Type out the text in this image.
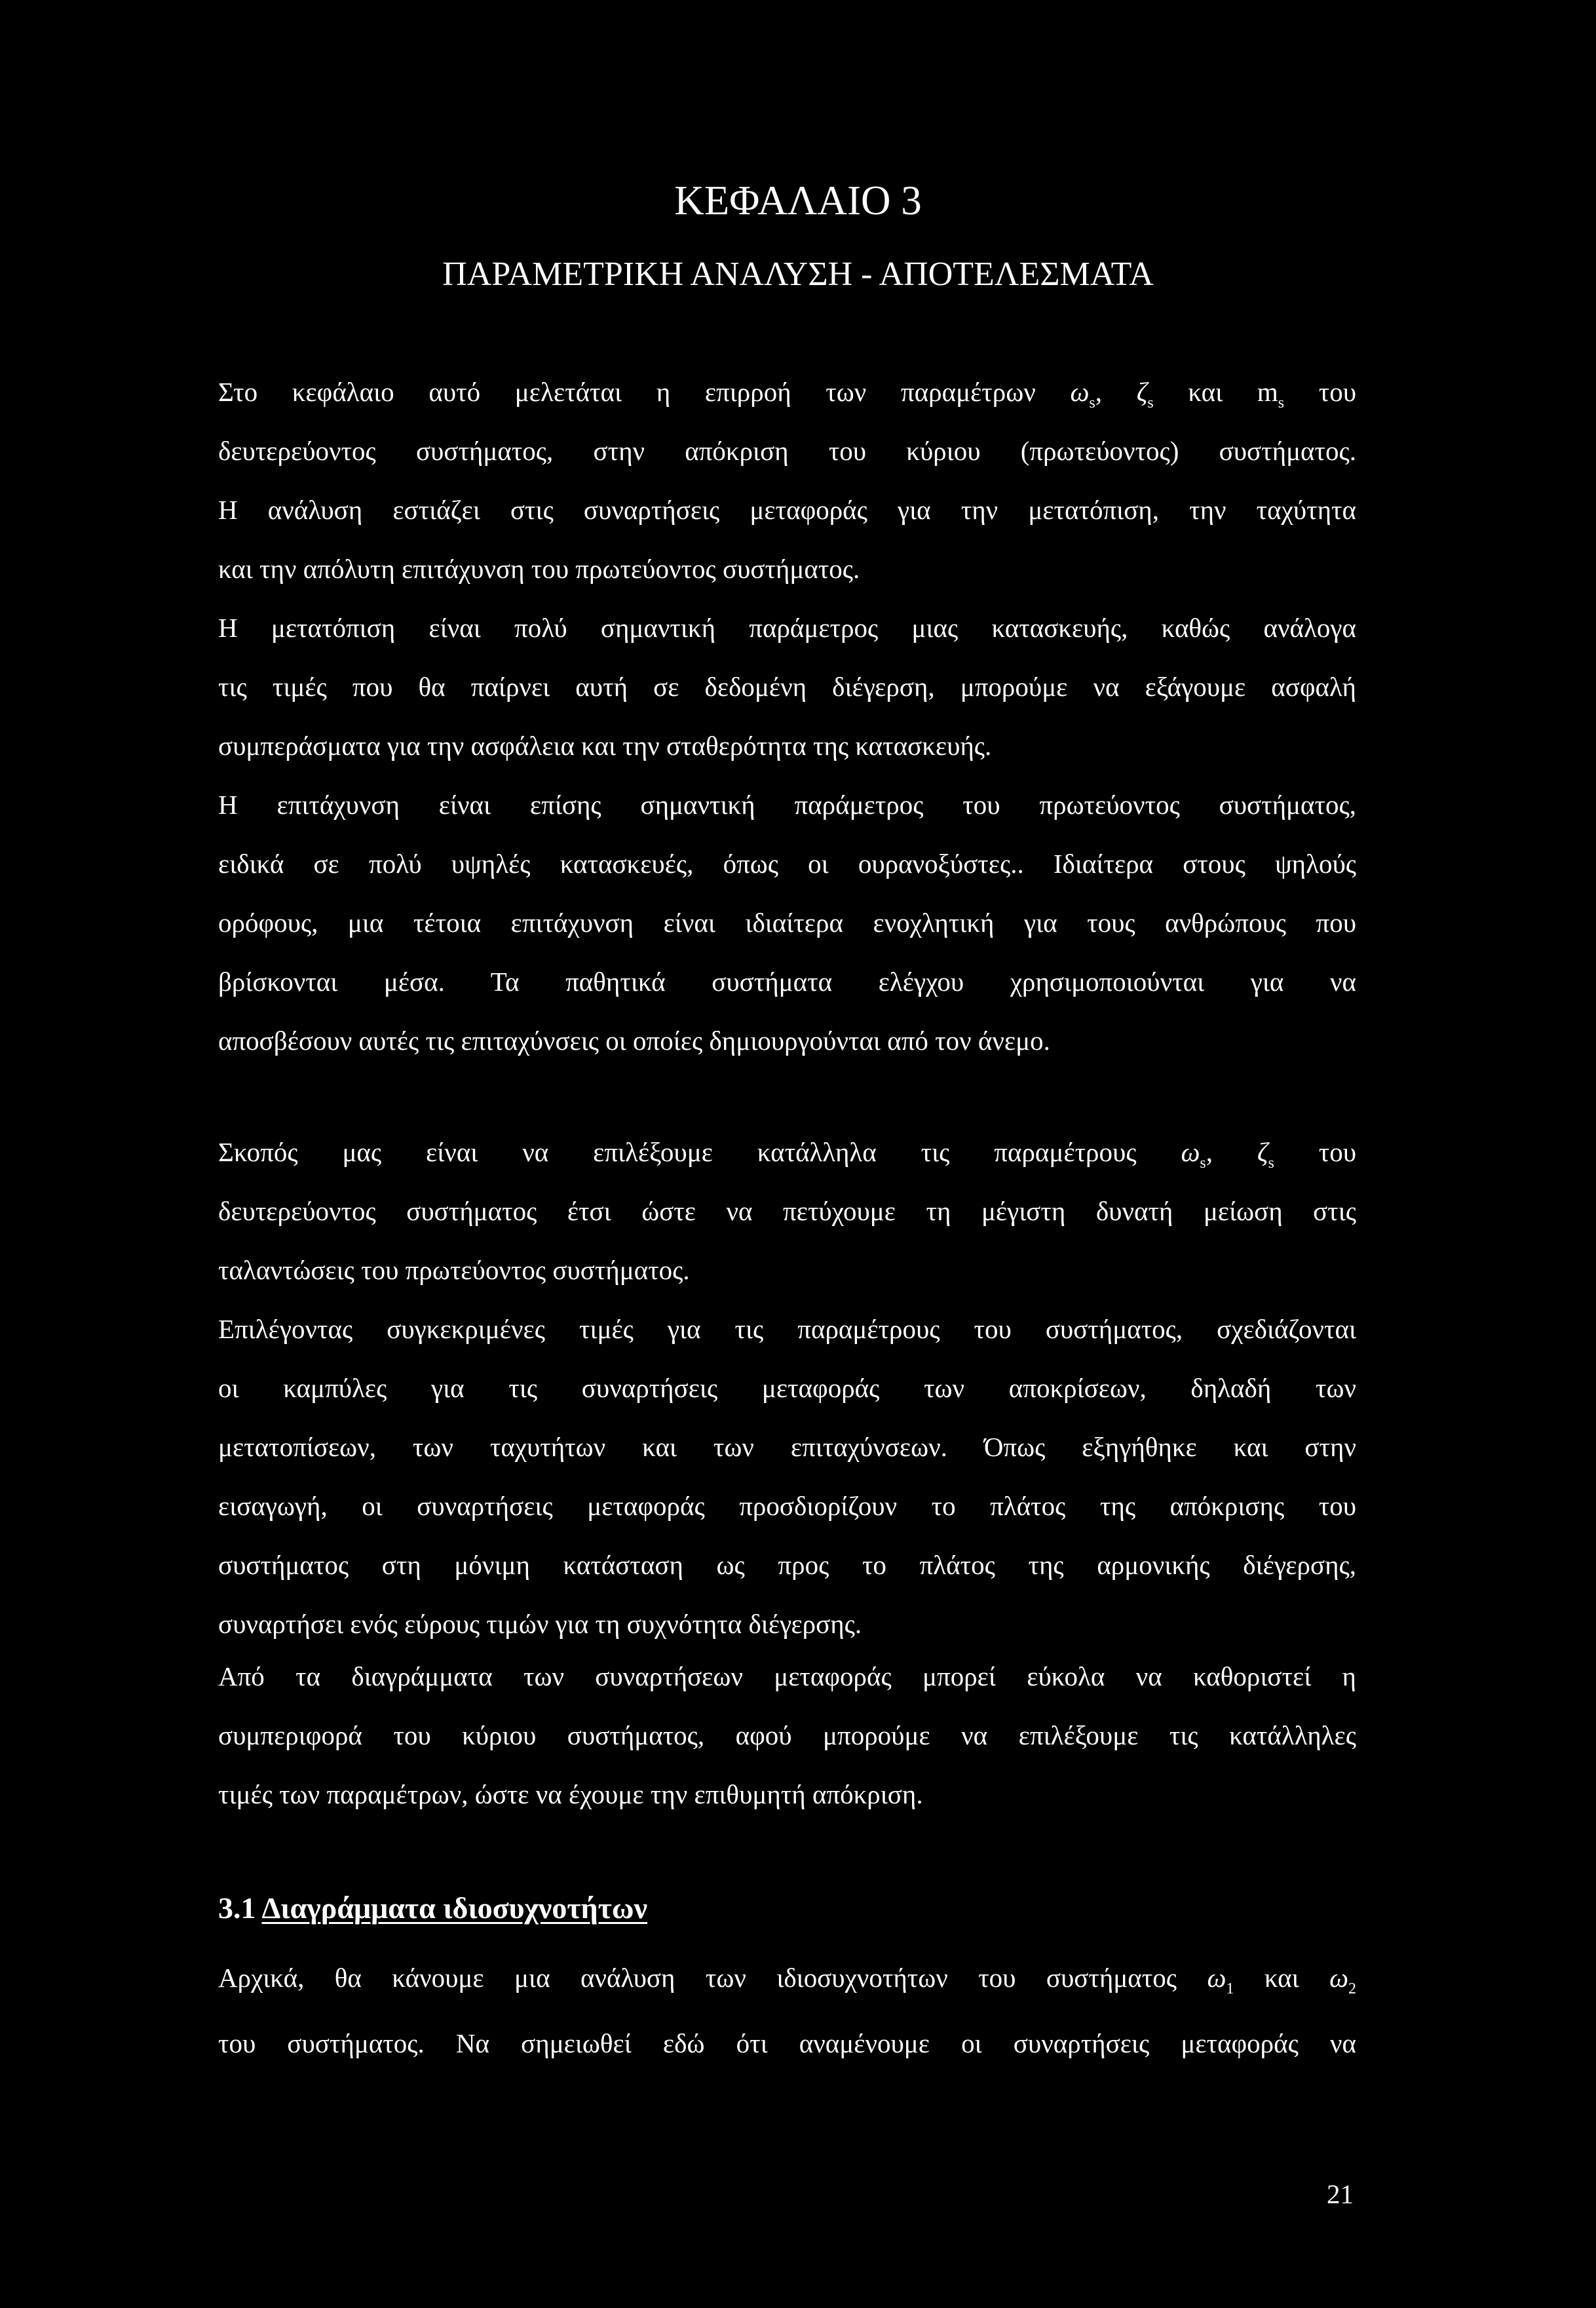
ΚΕΦΑΛΑΙΟ 3
ΠΑΡΑΜΕΤΡΙΚΗ ΑΝΑΛΥΣΗ - ΑΠΟΤΕΛΕΣΜΑΤΑ
Στο κεφάλαιο αυτό μελετάται η επιρροή των παραμέτρων $\omega_s$, $\zeta_s$ και $m_s$ του
δευτερεύοντος συστήματος, στην απόκριση του κύριου (πρωτεύοντος) συστήματος.
Η ανάλυση εστιάζει στις συναρτήσεις μεταφοράς για την μετατόπιση, την ταχύτητα
και την απόλυτη επιτάχυνση του πρωτεύοντος συστήματος.
Η μετατόπιση είναι πολύ σημαντική παράμετρος μιας κατασκευής, καθώς ανάλογα
τις τιμές που θα παίρνει αυτή σε δεδομένη διέγερση, μπορούμε να εξάγουμε ασφαλή
συμπεράσματα για την ασφάλεια και την σταθερότητα της κατασκευής.
Η επιτάχυνση είναι επίσης σημαντική παράμετρος του πρωτεύοντος συστήματος,
ειδικά σε πολύ υψηλές κατασκευές, όπως οι ουρανοξύστες.. Ιδιαίτερα στους ψηλούς
ορόφους, μια τέτοια επιτάχυνση είναι ιδιαίτερα ενοχλητική για τους ανθρώπους που
βρίσκονται μέσα. Τα παθητικά συστήματα ελέγχου χρησιμοποιούνται για να
αποσβέσουν αυτές τις επιταχύνσεις οι οποίες δημιουργούνται από τον άνεμο.
Σκοπός μας είναι να επιλέξουμε κατάλληλα τις παραμέτρους $\omega_s$, $\zeta_s$ του
δευτερεύοντος συστήματος έτσι ώστε να πετύχουμε τη μέγιστη δυνατή μείωση στις
ταλαντώσεις του πρωτεύοντος συστήματος.
Επιλέγοντας συγκεκριμένες τιμές για τις παραμέτρους του συστήματος, σχεδιάζονται
οι καμπύλες για τις συναρτήσεις μεταφοράς των αποκρίσεων, δηλαδή των
μετατοπίσεων, των ταχυτήτων και των επιταχύνσεων. Όπως εξηγήθηκε και στην
εισαγωγή, οι συναρτήσεις μεταφοράς προσδιορίζουν το πλάτος της απόκρισης του
συστήματος στη μόνιμη κατάσταση ως προς το πλάτος της αρμονικής διέγερσης,
συναρτήσει ενός εύρους τιμών για τη συχνότητα διέγερσης.
Από τα διαγράμματα των συναρτήσεων μεταφοράς μπορεί εύκολα να καθοριστεί η
συμπεριφορά του κύριου συστήματος, αφού μπορούμε να επιλέξουμε τις κατάλληλες
τιμές των παραμέτρων, ώστε να έχουμε την επιθυμητή απόκριση.
3.1 Διαγράμματα ιδιοσυχνοτήτων
Αρχικά, θα κάνουμε μια ανάλυση των ιδιοσυχνοτήτων του συστήματος $\omega_1$ και $\omega_2$
του συστήματος. Να σημειωθεί εδώ ότι αναμένουμε οι συναρτήσεις μεταφοράς να
21
